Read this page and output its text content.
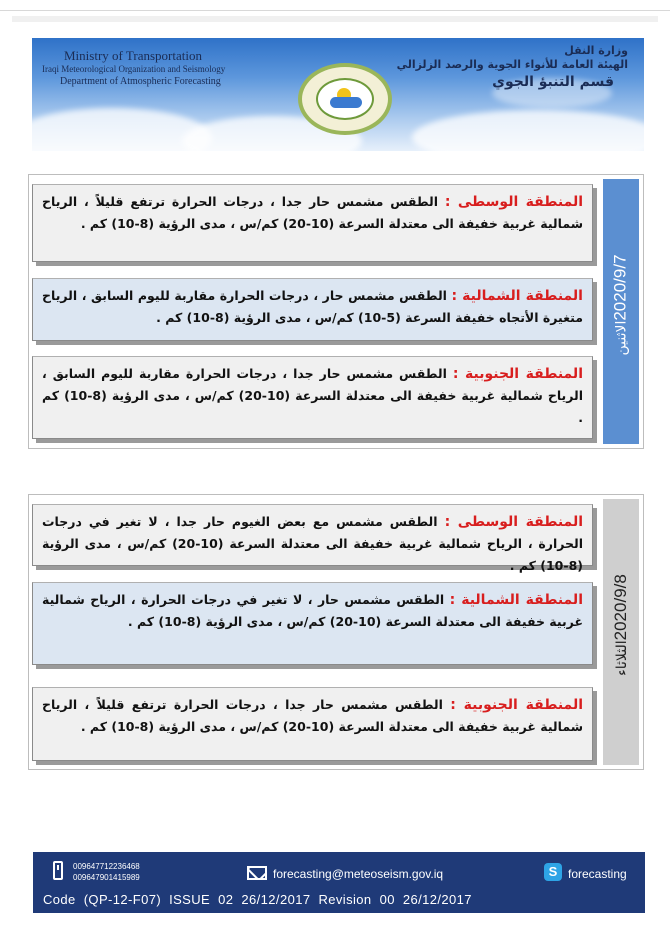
Ministry of Transportation
Iraqi Meteorological Organization and Seismology
Department of Atmospheric Forecasting
وزارة النقل
الهيئة العامة للأنواء الجوية والرصد الزلزالي
قسم التنبؤ الجوي
المنطقة الوسطى : الطقس مشمس حار جدا ، درجات الحرارة ترتفع قليلاً ، الرياح شمالية غربية خفيفة الى معتدلة السرعة (10-20) كم/س ، مدى الرؤية (8-10) كم .
المنطقة الشمالية : الطقس مشمس حار ، درجات الحرارة مقاربة لليوم السابق ، الرياح متغيرة الأتجاه خفيفة السرعة (5-10) كم/س ، مدى الرؤية (8-10) كم .
المنطقة الجنوبية : الطقس مشمس حار جدا ، درجات الحرارة مقاربة لليوم السابق ، الرياح شمالية غربية خفيفة الى معتدلة السرعة (10-20) كم/س ، مدى الرؤية (8-10) كم .
2020/9/7الاثنين
المنطقة الوسطى : الطقس مشمس مع بعض الغيوم حار جدا ، لا تغير في درجات الحرارة ، الرياح شمالية غربية خفيفة الى معتدلة السرعة (10-20) كم/س ، مدى الرؤية (8-10) كم .
المنطقة الشمالية : الطقس مشمس حار ، لا تغير في درجات الحرارة ، الرياح شمالية غربية خفيفة الى معتدلة السرعة (10-20) كم/س ، مدى الرؤية (8-10) كم .
المنطقة الجنوبية : الطقس مشمس حار جدا ، درجات الحرارة ترتفع قليلاً ، الرياح شمالية غربية خفيفة الى معتدلة السرعة (10-20) كم/س ، مدى الرؤية (8-10) كم .
2020/9/8الثلاثاء
009647712236468
009647901415989	forecasting@meteoseism.gov.iq	S forecasting
Code  (QP-12-F07)  ISSUE  02  26/12/2017  Revision  00  26/12/2017
